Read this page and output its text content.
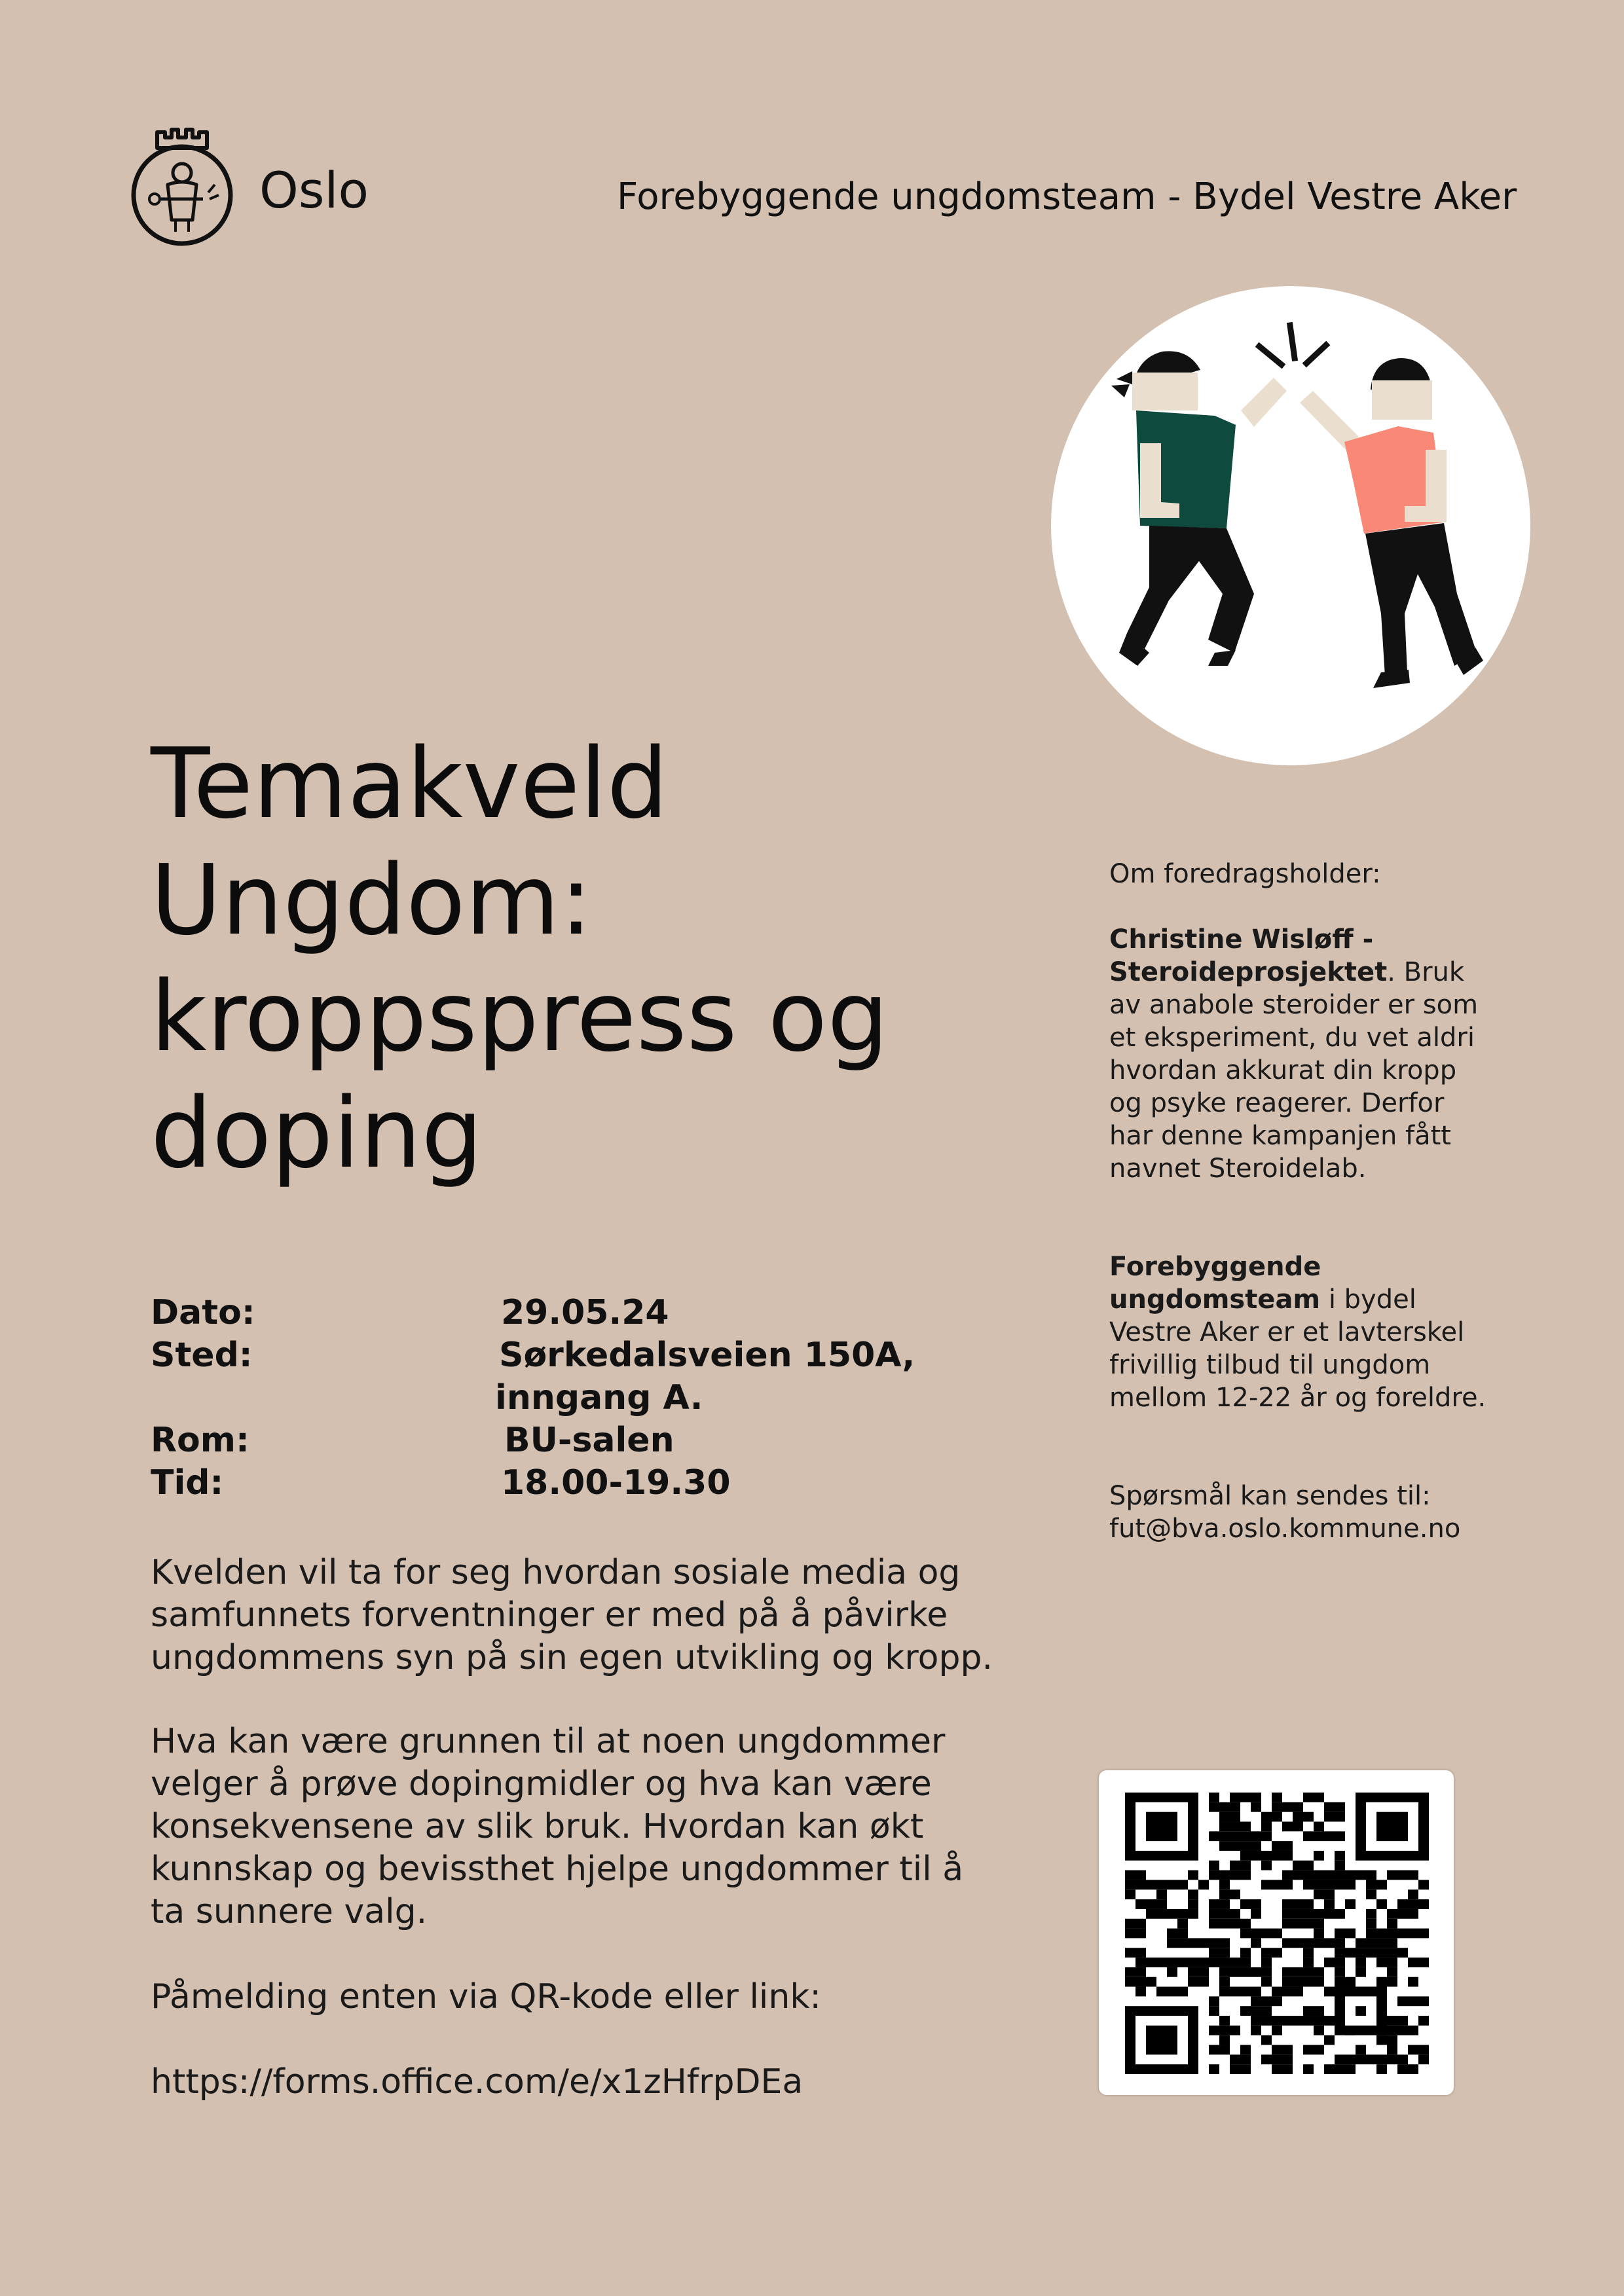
Oslo	Forebyggende ungdomsteam - Bydel Vestre Aker
Temakveld
Ungdom:
kroppspress og
doping
Dato:	29.05.24
Sted:	Sørkedalsveien 150A,
inngang A.
Rom:	BU-salen
Tid:	18.00-19.30

Kvelden vil ta for seg hvordan sosiale media og samfunnets forventninger er med på å påvirke ungdommens syn på sin egen utvikling og kropp.

Hva kan være grunnen til at noen ungdommer velger å prøve dopingmidler og hva kan være konsekvensene av slik bruk. Hvordan kan økt kunnskap og bevissthet hjelpe ungdommer til å ta sunnere valg.

Påmelding enten via QR-kode eller link:

https://forms.office.com/e/x1zHfrpDEa

Om foredragsholder:

Christine Wisløff - Steroideprosjektet. Bruk av anabole steroider er som et eksperiment, du vet aldri hvordan akkurat din kropp og psyke reagerer. Derfor har denne kampanjen fått navnet Steroidelab.

Forebyggende ungdomsteam i bydel Vestre Aker er et lavterskel frivillig tilbud til ungdom mellom 12-22 år og foreldre.

Spørsmål kan sendes til:

fut@bva.oslo.kommune.no
